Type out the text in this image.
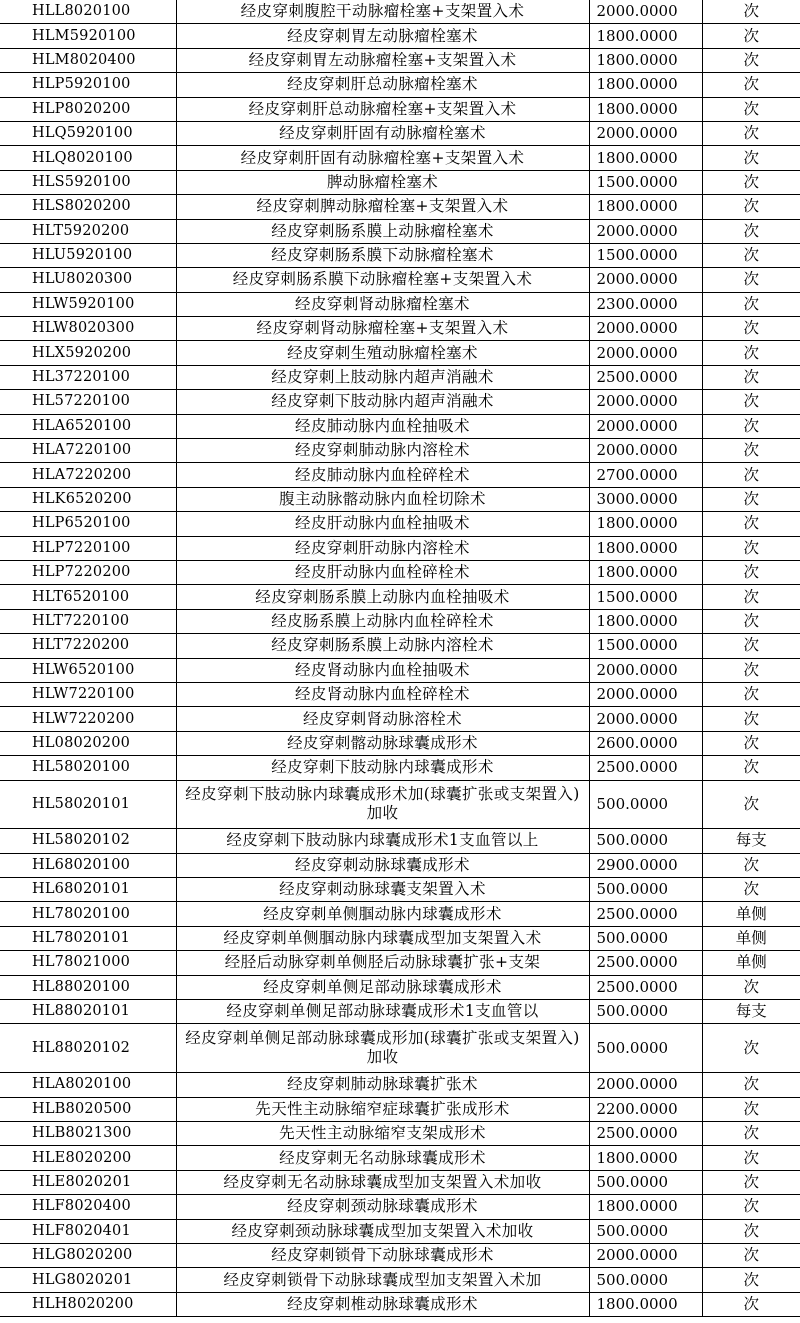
HLL8020100	经皮穿刺腹腔干动脉瘤栓塞+支架置入术	2000.0000	次
HLM5920100	经皮穿刺胃左动脉瘤栓塞术	1800.0000	次
HLM8020400	经皮穿刺胃左动脉瘤栓塞+支架置入术	1800.0000	次
HLP5920100	经皮穿刺肝总动脉瘤栓塞术	1800.0000	次
HLP8020200	经皮穿刺肝总动脉瘤栓塞+支架置入术	1800.0000	次
HLQ5920100	经皮穿刺肝固有动脉瘤栓塞术	2000.0000	次
HLQ8020100	经皮穿刺肝固有动脉瘤栓塞+支架置入术	1800.0000	次
HLS5920100	脾动脉瘤栓塞术	1500.0000	次
HLS8020200	经皮穿刺脾动脉瘤栓塞+支架置入术	1800.0000	次
HLT5920200	经皮穿刺肠系膜上动脉瘤栓塞术	2000.0000	次
HLU5920100	经皮穿刺肠系膜下动脉瘤栓塞术	1500.0000	次
HLU8020300	经皮穿刺肠系膜下动脉瘤栓塞+支架置入术	2000.0000	次
HLW5920100	经皮穿刺肾动脉瘤栓塞术	2300.0000	次
HLW8020300	经皮穿刺肾动脉瘤栓塞+支架置入术	2000.0000	次
HLX5920200	经皮穿刺生殖动脉瘤栓塞术	2000.0000	次
HL37220100	经皮穿刺上肢动脉内超声消融术	2500.0000	次
HL57220100	经皮穿刺下肢动脉内超声消融术	2000.0000	次
HLA6520100	经皮肺动脉内血栓抽吸术	2000.0000	次
HLA7220100	经皮穿刺肺动脉内溶栓术	2000.0000	次
HLA7220200	经皮肺动脉内血栓碎栓术	2700.0000	次
HLK6520200	腹主动脉髂动脉内血栓切除术	3000.0000	次
HLP6520100	经皮肝动脉内血栓抽吸术	1800.0000	次
HLP7220100	经皮穿刺肝动脉内溶栓术	1800.0000	次
HLP7220200	经皮肝动脉内血栓碎栓术	1800.0000	次
HLT6520100	经皮穿刺肠系膜上动脉内血栓抽吸术	1500.0000	次
HLT7220100	经皮肠系膜上动脉内血栓碎栓术	1800.0000	次
HLT7220200	经皮穿刺肠系膜上动脉内溶栓术	1500.0000	次
HLW6520100	经皮肾动脉内血栓抽吸术	2000.0000	次
HLW7220100	经皮肾动脉内血栓碎栓术	2000.0000	次
HLW7220200	经皮穿刺肾动脉溶栓术	2000.0000	次
HL08020200	经皮穿刺髂动脉球囊成形术	2600.0000	次
HL58020100	经皮穿刺下肢动脉内球囊成形术	2500.0000	次
HL58020101	经皮穿刺下肢动脉内球囊成形术加(球囊扩张或支架置入)加收	500.0000	次
HL58020102	经皮穿刺下肢动脉内球囊成形术1支血管以上	500.0000	每支
HL68020100	经皮穿刺动脉球囊成形术	2900.0000	次
HL68020101	经皮穿刺动脉球囊支架置入术	500.0000	次
HL78020100	经皮穿刺单侧腘动脉内球囊成形术	2500.0000	单侧
HL78020101	经皮穿刺单侧腘动脉内球囊成型加支架置入术	500.0000	单侧
HL78021000	经胫后动脉穿刺单侧胫后动脉球囊扩张+支架	2500.0000	单侧
HL88020100	经皮穿刺单侧足部动脉球囊成形术	2500.0000	次
HL88020101	经皮穿刺单侧足部动脉球囊成形术1支血管以	500.0000	每支
HL88020102	经皮穿刺单侧足部动脉球囊成形加(球囊扩张或支架置入)加收	500.0000	次
HLA8020100	经皮穿刺肺动脉球囊扩张术	2000.0000	次
HLB8020500	先天性主动脉缩窄症球囊扩张成形术	2200.0000	次
HLB8021300	先天性主动脉缩窄支架成形术	2500.0000	次
HLE8020200	经皮穿刺无名动脉球囊成形术	1800.0000	次
HLE8020201	经皮穿刺无名动脉球囊成型加支架置入术加收	500.0000	次
HLF8020400	经皮穿刺颈动脉球囊成形术	1800.0000	次
HLF8020401	经皮穿刺颈动脉球囊成型加支架置入术加收	500.0000	次
HLG8020200	经皮穿刺锁骨下动脉球囊成形术	2000.0000	次
HLG8020201	经皮穿刺锁骨下动脉球囊成型加支架置入术加	500.0000	次
HLH8020200	经皮穿刺椎动脉球囊成形术	1800.0000	次
